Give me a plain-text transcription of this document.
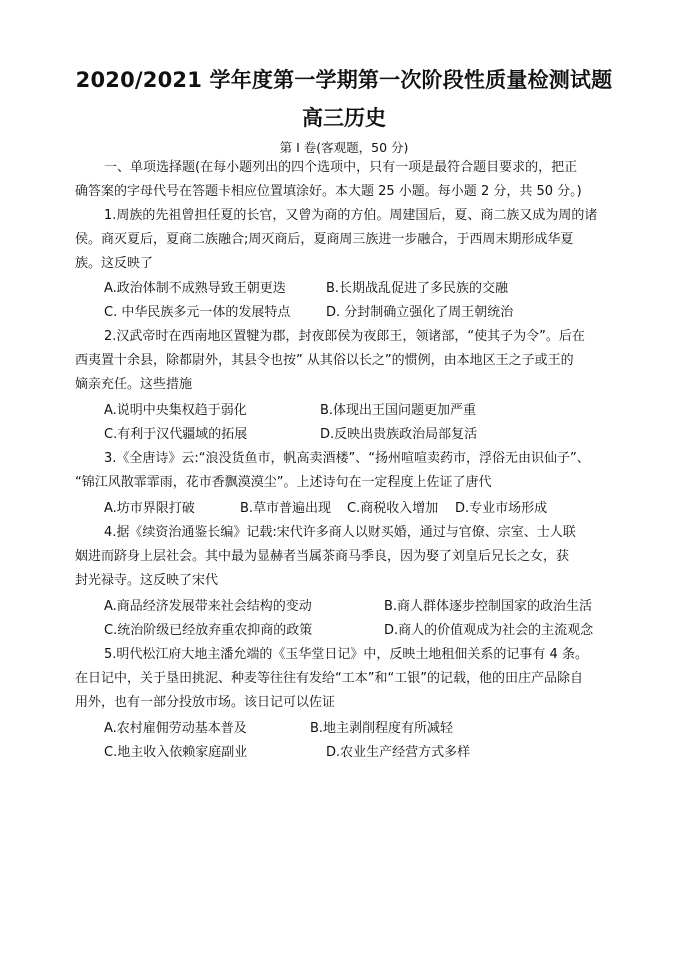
2020/2021 学年度第一学期第一次阶段性质量检测试题
高三历史
第 I 卷(客观题，50 分)
一、单项选择题(在每小题列出的四个选项中，只有一项是最符合题目要求的，把正
确答案的字母代号在答题卡相应位置填涂好。本大题 25 小题。每小题 2 分，共 50 分。)
1.周族的先祖曾担任夏的长官，又曾为商的方伯。周建国后，夏、商二族又成为周的诸
侯。商灭夏后，夏商二族融合;周灭商后，夏商周三族进一步融合，于西周末期形成华夏
族。这反映了
A.政治体制不成熟导致王朝更迭	B.长期战乱促进了多民族的交融
C. 中华民族多元一体的发展特点	D. 分封制确立强化了周王朝统治
2.汉武帝时在西南地区置犍为郡，封夜郎侯为夜郎王，领诸部，“使其子为令”。后在
西夷置十余县，除都尉外，其县令也按” 从其俗以长之”的惯例，由本地区王之子或王的
嫡亲充任。这些措施
A.说明中央集权趋于弱化	B.体现出王国问题更加严重
C.有利于汉代疆域的拓展	D.反映出贵族政治局部复活
3.《全唐诗》云:“浪没货鱼市，帆高卖酒楼”、“扬州喧喧卖药市，浮俗无由识仙子”、
“锦江风散霏霏雨，花市香飘漠漠尘”。上述诗句在一定程度上佐证了唐代
A.坊市界限打破	B.草市普遍出现 C.商税收入增加 D.专业市场形成
4.据《续资治通鉴长编》记载:宋代许多商人以财买婚，通过与官僚、宗室、士人联
姻进而跻身上层社会。其中最为显赫者当属茶商马季良，因为娶了刘皇后兄长之女，获
封光禄寺。这反映了宋代
A.商品经济发展带来社会结构的变动	B.商人群体逐步控制国家的政治生活
C.统治阶级已经放弃重农抑商的政策	D.商人的价值观成为社会的主流观念
5.明代松江府大地主潘允端的《玉华堂日记》中，反映土地租佃关系的记事有 4 条。
在日记中，关于垦田挑泥、种麦等往往有发给“工本”和“工银”的记载，他的田庄产品除自
用外，也有一部分投放市场。该日记可以佐证
A.农村雇佣劳动基本普及	B.地主剥削程度有所减轻
C.地主收入依赖家庭副业	D.农业生产经营方式多样
